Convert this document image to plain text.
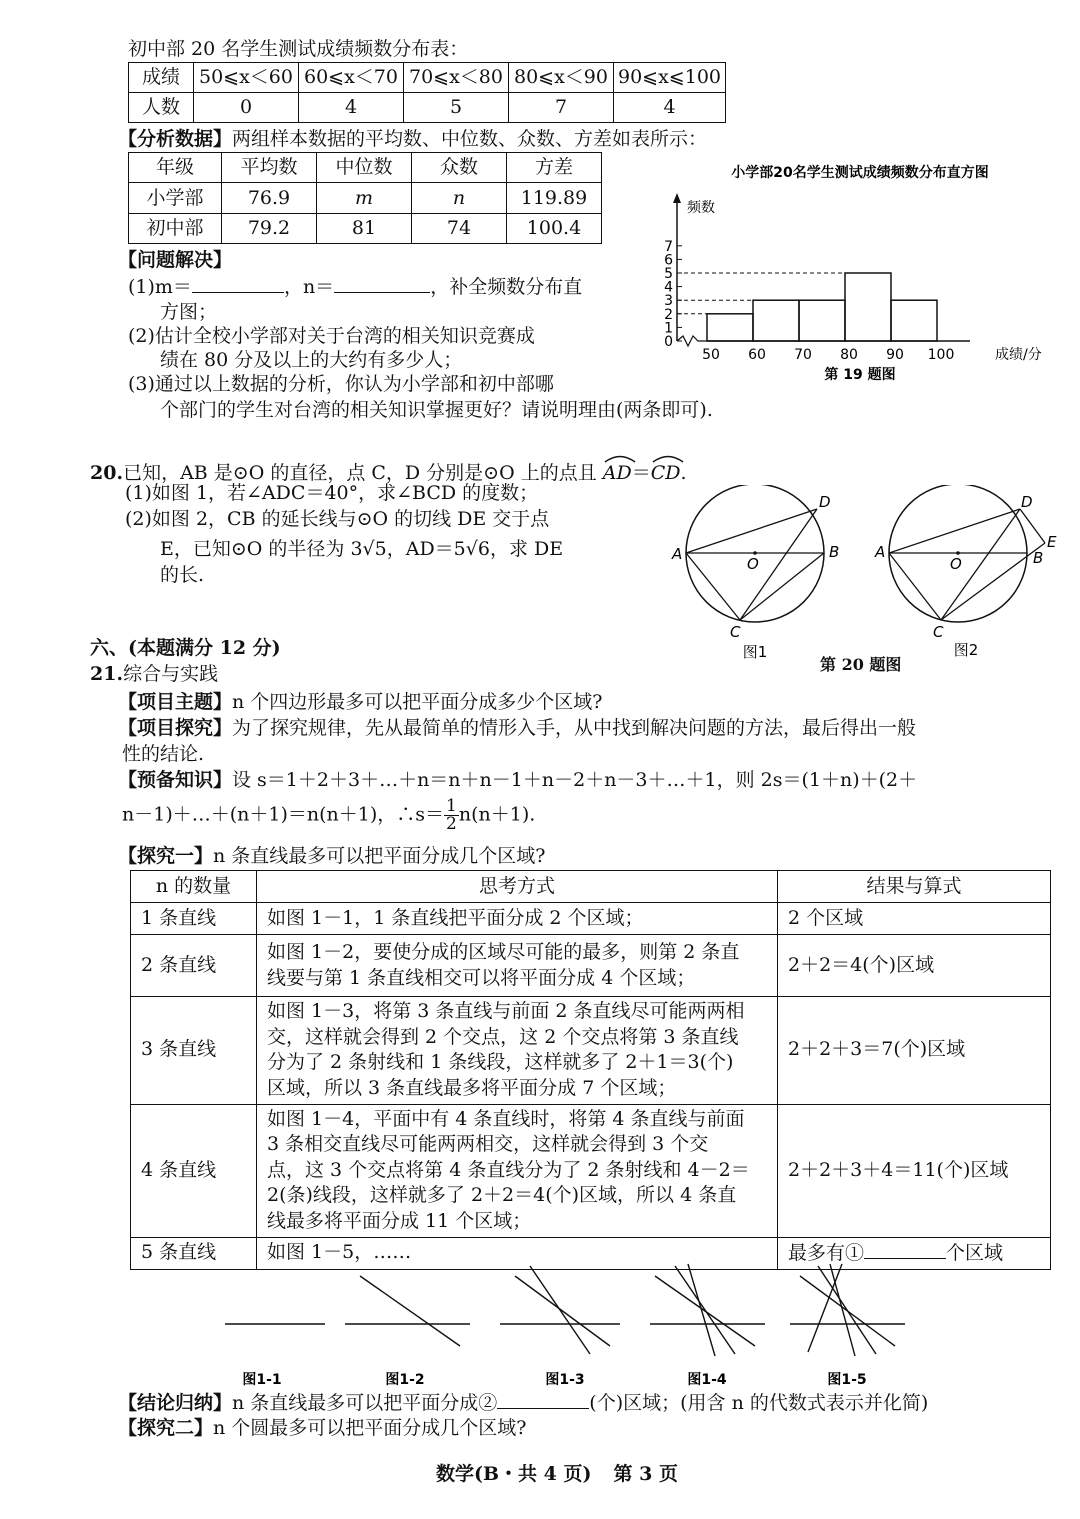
初中部 20 名学生测试成绩频数分布表：
成绩	50⩽x＜60	60⩽x＜70	70⩽x＜80	80⩽x＜90	90⩽x⩽100
人数	0	4	5	7	4
【分析数据】两组样本数据的平均数、中位数、众数、方差如表所示：
年级	平均数	中位数	众数	方差
小学部	76.9	m	n	119.89
初中部	79.2	81	74	100.4
【问题解决】
(1)m＝	，n＝	，补全频数分布直
方图；
(2)估计全校小学部对关于台湾的相关知识竞赛成
绩在 80 分及以上的大约有多少人；
(3)通过以上数据的分析，你认为小学部和初中部哪
个部门的学生对台湾的相关知识掌握更好？请说明理由(两条即可).
小学部20名学生测试成绩频数分布直方图
频数
成绩/分
0
1
2
3
4
5
6
7
50 60 70 80 90 100
第 19 题图
20.已知，AB 是⊙O 的直径，点 C，D 分别是⊙O 上的点且
AD＝
CD.
(1)如图 1，若∠ADC＝40°，求∠BCD 的度数；
(2)如图 2，CB 的延长线与⊙O 的切线 DE 交于点
E，已知⊙O 的半径为 3√5，AD＝5√6，求 DE
的长.
A	B
C
D
O
图1
A	B
C
D
E
O
图2
第 20 题图
六、(本题满分 12 分)
21.综合与实践
【项目主题】n 个四边形最多可以把平面分成多少个区域?
【项目探究】为了探究规律，先从最简单的情形入手，从中找到解决问题的方法，最后得出一般
性的结论.
【预备知识】设 s＝1＋2＋3＋…＋n＝n＋n－1＋n－2＋n－3＋…＋1，则 2s＝(1＋n)＋(2＋
n－1)＋…＋(n＋1)＝n(n＋1)，∴s＝ $\frac{1}{2} n(n+1)$.
【探究一】n 条直线最多可以把平面分成几个区域?
n 的数量	思考方式	结果与算式
1 条直线	如图 1－1，1 条直线把平面分成 2 个区域；	2 个区域
2 条直线	如图 1－2，要使分成的区域尽可能的最多，则第 2 条直
线要与第 1 条直线相交可以将平面分成 4 个区域；	2＋2＝4(个)区域
3 条直线	如图 1－3，将第 3 条直线与前面 2 条直线尽可能两两相
交，这样就会得到 2 个交点，这 2 个交点将第 3 条直线
分为了 2 条射线和 1 条线段，这样就多了 2＋1＝3(个)
区域，所以 3 条直线最多将平面分成 7 个区域；	2＋2＋3＝7(个)区域
4 条直线	如图 1－4，平面中有 4 条直线时，将第 4 条直线与前面
3 条相交直线尽可能两两相交，这样就会得到 3 个交
点，这 3 个交点将第 4 条直线分为了 2 条射线和 4－2＝
2(条)线段，这样就多了 2＋2＝4(个)区域，所以 4 条直
线最多将平面分成 11 个区域；	2＋2＋3＋4＝11(个)区域
5 条直线	如图 1－5，……	最多有① 个区域
图1-1	图1-2	图1-3	图1-4	图1-5
【结论归纳】n 条直线最多可以把平面分成②	(个)区域；(用含 n 的代数式表示并化简)
【探究二】n 个圆最多可以把平面分成几个区域?
数学(B・共 4 页) 第 3 页
